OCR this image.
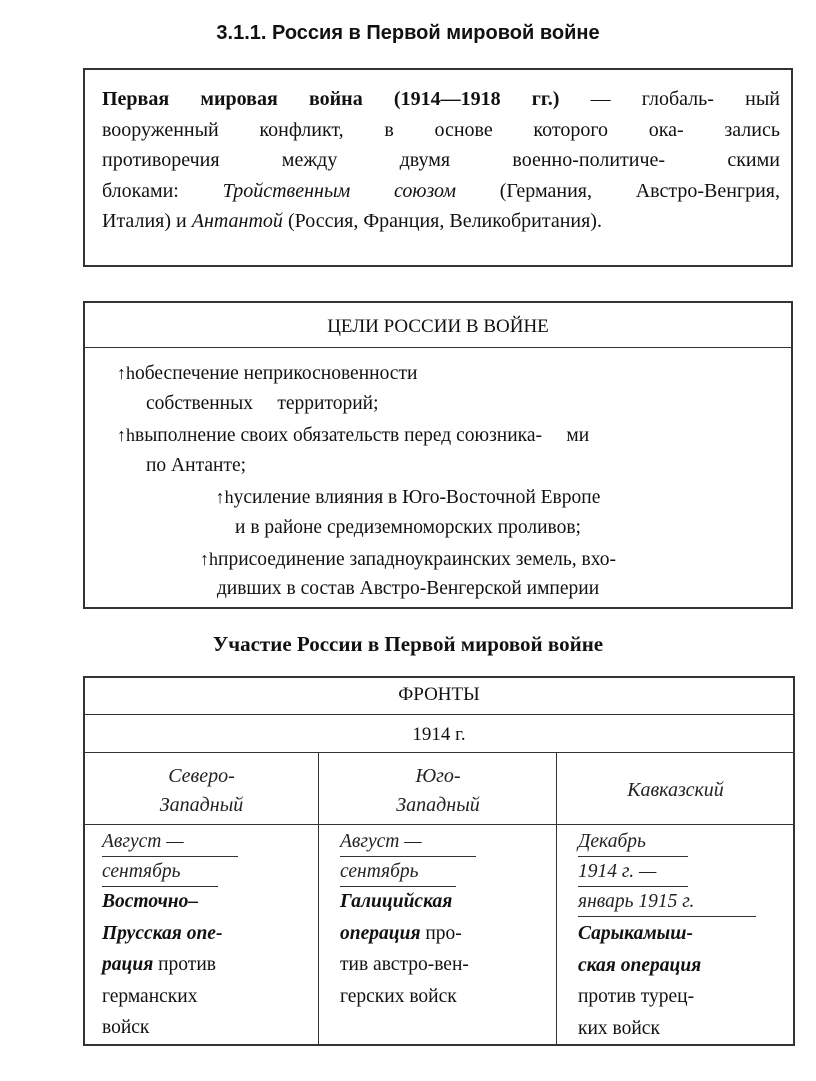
3.1.1. Россия в Первой мировой войне
Первая мировая война (1914—1918 гг.) — глобаль- ный
вооруженный конфликт, в основе которого ока- зались
противоречия между двумя военно-политиче- скими
блоками: Тройственным союзом (Германия, Австро-Венгрия,
Италия) и Антантой (Россия, Франция, Великобритания).
ЦЕЛИ РОССИИ В ВОЙНЕ
↑hобеспечение неприкосновенности
собственных     территорий;
↑hвыполнение своих обязательств перед союзника-     ми
по Антанте;
↑hусиление влияния в Юго-Восточной Европе
и в районе средиземноморских проливов;
↑hприсоединение западноукраинских земель, вхо-
дивших в состав Австро-Венгерской империи
Участие России в Первой мировой войне
ФРОНТЫ
1914 г.
Северо-
Западный
Август —
сентябрь
Восточно–
Прусская опе-
рация против
германских
войск
Юго-
Западный
Август —
сентябрь
Галицийская
операция про-
тив австро-вен-
герских войск
Кавказский
Декабрь
1914 г. —
январь 1915 г.
Сарыкамыш-
ская операция
против турец-
ких войск
